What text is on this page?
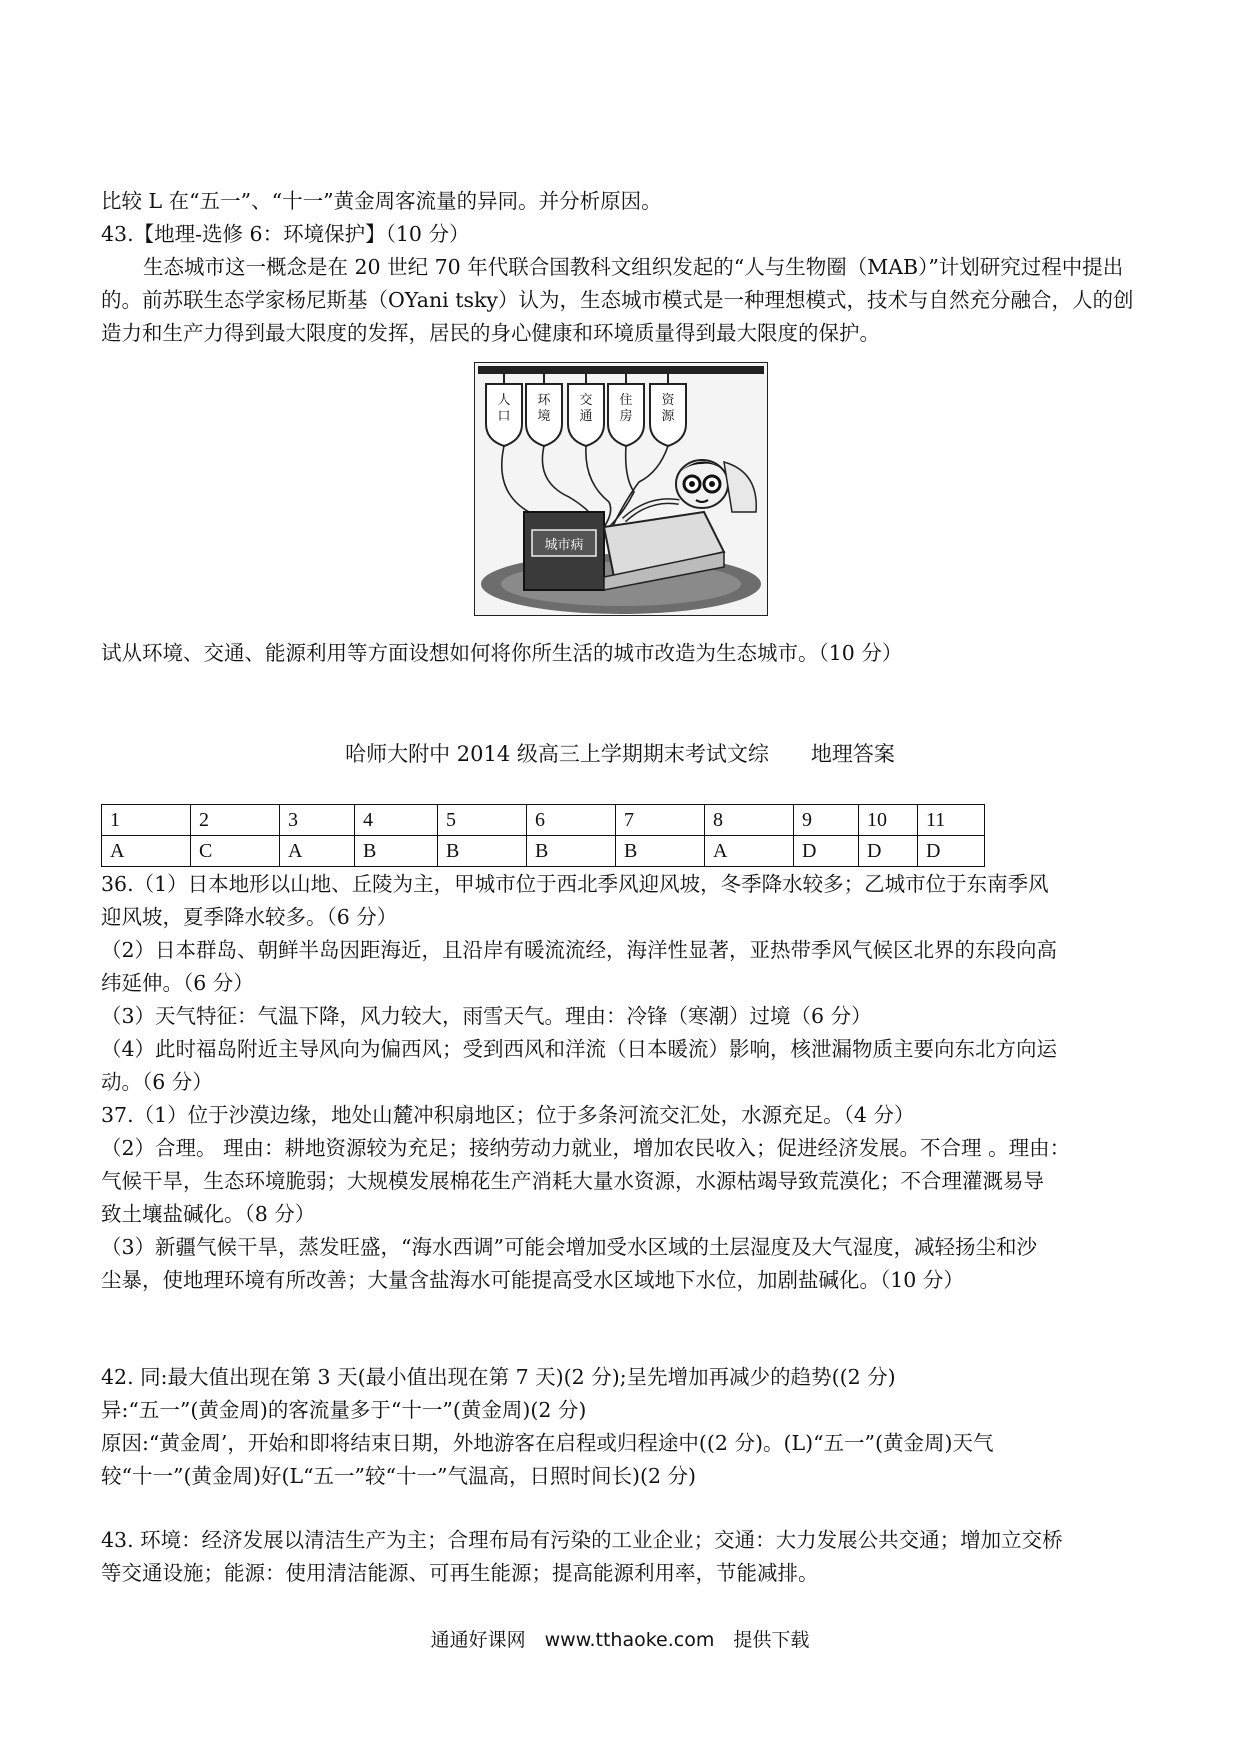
比较 L 在“五一”、“十一”黄金周客流量的异同。并分析原因。
43.【地理-选修 6：环境保护】（10 分）
生态城市这一概念是在 20 世纪 70 年代联合国教科文组织发起的“人与生物圈（MAB）”计划研究过程中提出的。前苏联生态学家杨尼斯基（OYani tsky）认为，生态城市模式是一种理想模式，技术与自然充分融合，人的创造力和生产力得到最大限度的发挥，居民的身心健康和环境质量得到最大限度的保护。
人口
环境
交通
住房
资源
城市病
试从环境、交通、能源利用等方面设想如何将你所生活的城市改造为生态城市。（10 分）
哈师大附中 2014 级高三上学期期末考试文综　　地理答案
1	2	3	4	5	6	7	8	9	10	11
A	C	A	B	B	B	B	A	D	D	D
36.（1）日本地形以山地、丘陵为主，甲城市位于西北季风迎风坡，冬季降水较多；乙城市位于东南季风
迎风坡，夏季降水较多。（6 分）
（2）日本群岛、朝鲜半岛因距海近，且沿岸有暖流流经，海洋性显著，亚热带季风气候区北界的东段向高
纬延伸。（6 分）
（3）天气特征：气温下降，风力较大，雨雪天气。理由：冷锋（寒潮）过境（6 分）
（4）此时福岛附近主导风向为偏西风；受到西风和洋流（日本暖流）影响，核泄漏物质主要向东北方向运
动。（6 分）
37.（1）位于沙漠边缘，地处山麓冲积扇地区；位于多条河流交汇处，水源充足。（4 分）
（2）合理。 理由：耕地资源较为充足；接纳劳动力就业，增加农民收入；促进经济发展。不合理 。理由：
气候干旱，生态环境脆弱；大规模发展棉花生产消耗大量水资源，水源枯竭导致荒漠化；不合理灌溉易导
致土壤盐碱化。（8 分）
（3）新疆气候干旱，蒸发旺盛，“海水西调”可能会增加受水区域的土层湿度及大气湿度，减轻扬尘和沙
尘暴，使地理环境有所改善；大量含盐海水可能提高受水区域地下水位，加剧盐碱化。（10 分）
42. 同:最大值出现在第 3 天(最小值出现在第 7 天)(2 分);呈先增加再减少的趋势((2 分)
异:“五一”(黄金周)的客流量多于“十一”(黄金周)(2 分)
原因:“黄金周’，开始和即将结束日期，外地游客在启程或归程途中((2 分)。(L)“五一”(黄金周)天气
较“十一”(黄金周)好(L“五一”较“十一”气温高，日照时间长)(2 分)
43. 环境：经济发展以清洁生产为主；合理布局有污染的工业企业；交通：大力发展公共交通；增加立交桥
等交通设施；能源：使用清洁能源、可再生能源；提高能源利用率，节能减排。
通通好课网　www.tthaoke.com　提供下载
